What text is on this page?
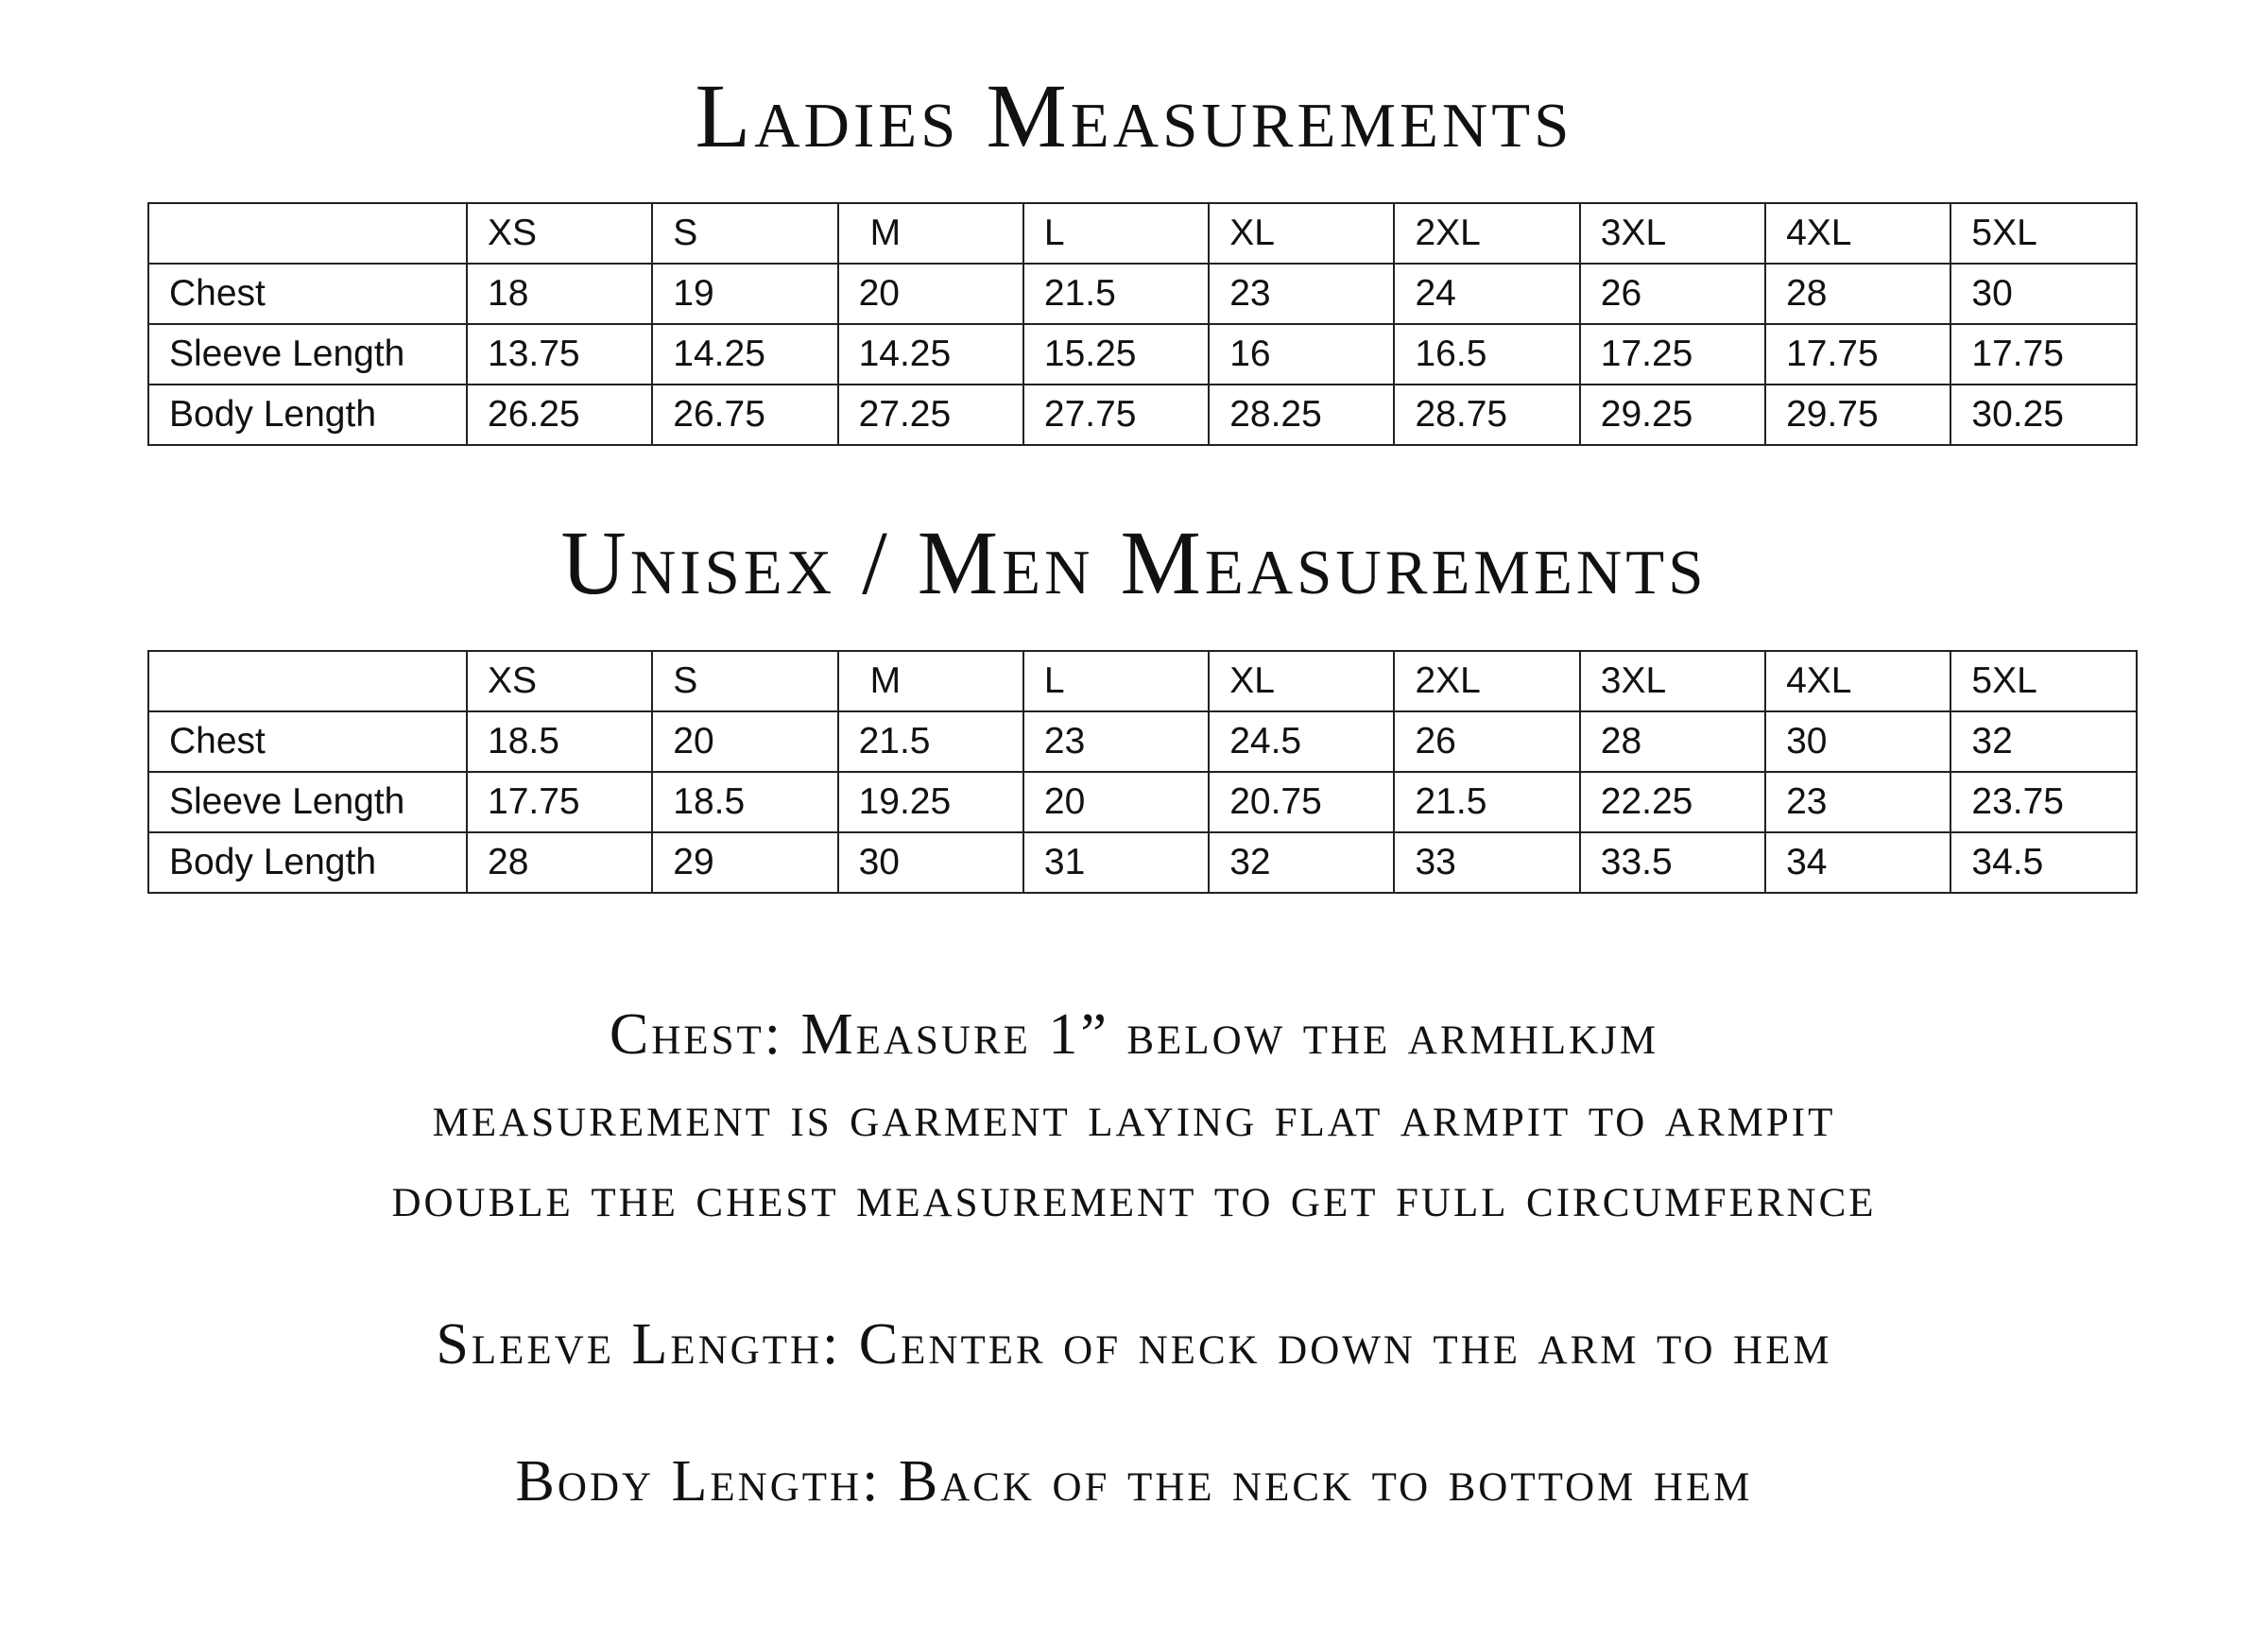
Ladies Measurements
	XS	S	M	L	XL	2XL	3XL	4XL	5XL
Chest	18	19	20	21.5	23	24	26	28	30
Sleeve Length	13.75	14.25	14.25	15.25	16	16.5	17.25	17.75	17.75
Body Length	26.25	26.75	27.25	27.75	28.25	28.75	29.25	29.75	30.25
Unisex / Men Measurements
	XS	S	M	L	XL	2XL	3XL	4XL	5XL
Chest	18.5	20	21.5	23	24.5	26	28	30	32
Sleeve Length	17.75	18.5	19.25	20	20.75	21.5	22.25	23	23.75
Body Length	28	29	30	31	32	33	33.5	34	34.5
Chest: Measure 1” below the armhlkjm
measurement is garment laying flat armpit to armpit
double the chest measurement to get full circumfernce
Sleeve Length: Center of neck down the arm to hem
Body Length: Back of the neck to bottom hem
